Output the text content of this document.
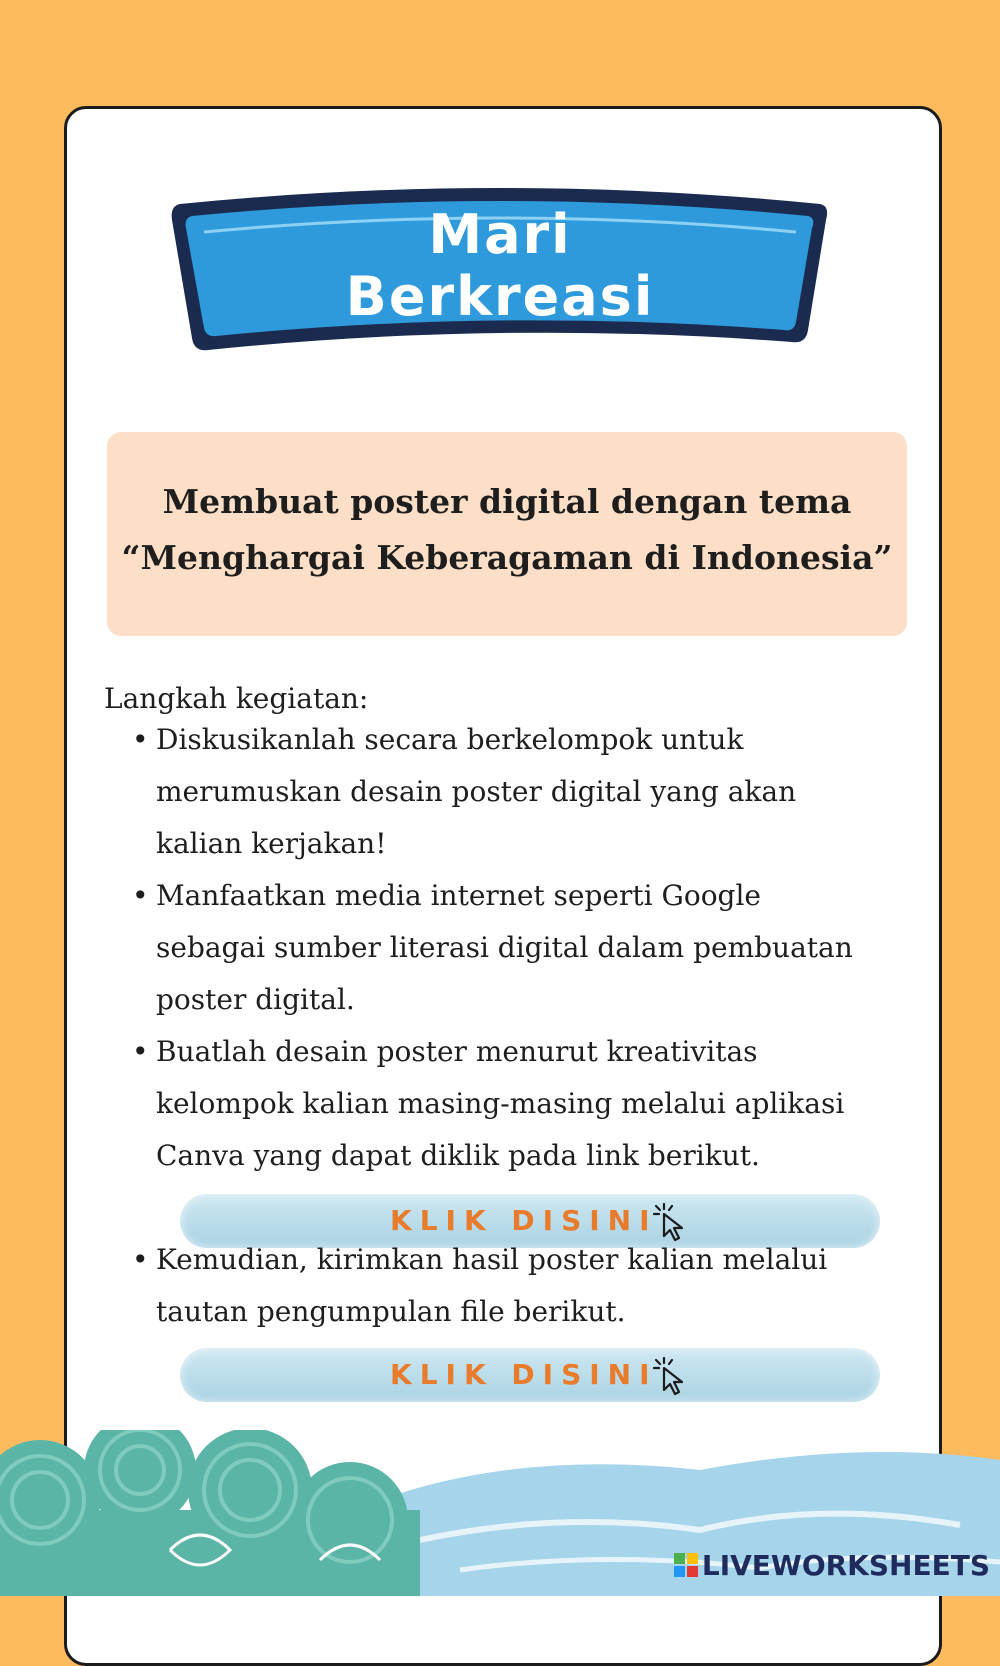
Mari
Berkreasi
Membuat poster digital dengan tema
“Menghargai Keberagaman di Indonesia”
Langkah kegiatan:
• Diskusikanlah secara berkelompok untuk
merumuskan desain poster digital yang akan
kalian kerjakan!
• Manfaatkan media internet seperti Google
sebagai sumber literasi digital dalam pembuatan
poster digital.
• Buatlah desain poster menurut kreativitas
kelompok kalian masing-masing melalui aplikasi
Canva yang dapat diklik pada link berikut.
KLIK DISINI
• Kemudian, kirimkan hasil poster kalian melalui
tautan pengumpulan file berikut.
KLIK DISINI
LIVEWORKSHEETS
